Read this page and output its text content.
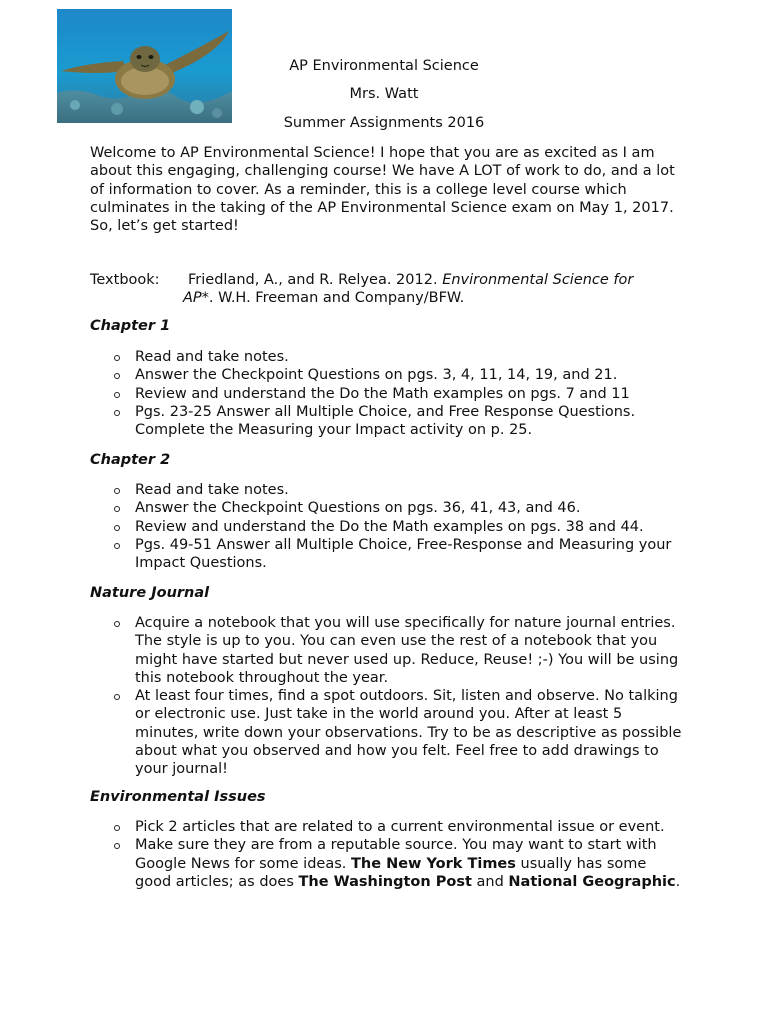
AP Environmental Science
Mrs. Watt
Summer Assignments 2016
Welcome to AP Environmental Science! I hope that you are as excited as I am about this engaging, challenging course! We have A LOT of work to do, and a lot of information to cover. As a reminder, this is a college level course which culminates in the taking of the AP Environmental Science exam on May 1, 2017. So, let’s get started!
Textbook: Friedland, A., and R. Relyea. 2012. Environmental Science for
AP*. W.H. Freeman and Company/BFW.
Chapter 1
Read and take notes.
Answer the Checkpoint Questions on pgs. 3, 4, 11, 14, 19, and 21.
Review and understand the Do the Math examples on pgs. 7 and 11
Pgs. 23-25 Answer all Multiple Choice, and Free Response Questions. Complete the Measuring your Impact activity on p. 25.
Chapter 2
Read and take notes.
Answer the Checkpoint Questions on pgs. 36, 41, 43, and 46.
Review and understand the Do the Math examples on pgs. 38 and 44.
Pgs. 49-51 Answer all Multiple Choice, Free-Response and Measuring your Impact Questions.
Nature Journal
Acquire a notebook that you will use specifically for nature journal entries. The style is up to you. You can even use the rest of a notebook that you might have started but never used up. Reduce, Reuse! ;-) You will be using this notebook throughout the year.
At least four times, find a spot outdoors. Sit, listen and observe. No talking or electronic use. Just take in the world around you. After at least 5 minutes, write down your observations. Try to be as descriptive as possible about what you observed and how you felt. Feel free to add drawings to your journal!
Environmental Issues
Pick 2 articles that are related to a current environmental issue or event.
Make sure they are from a reputable source. You may want to start with Google News for some ideas. The New York Times usually has some good articles; as does The Washington Post and National Geographic.
